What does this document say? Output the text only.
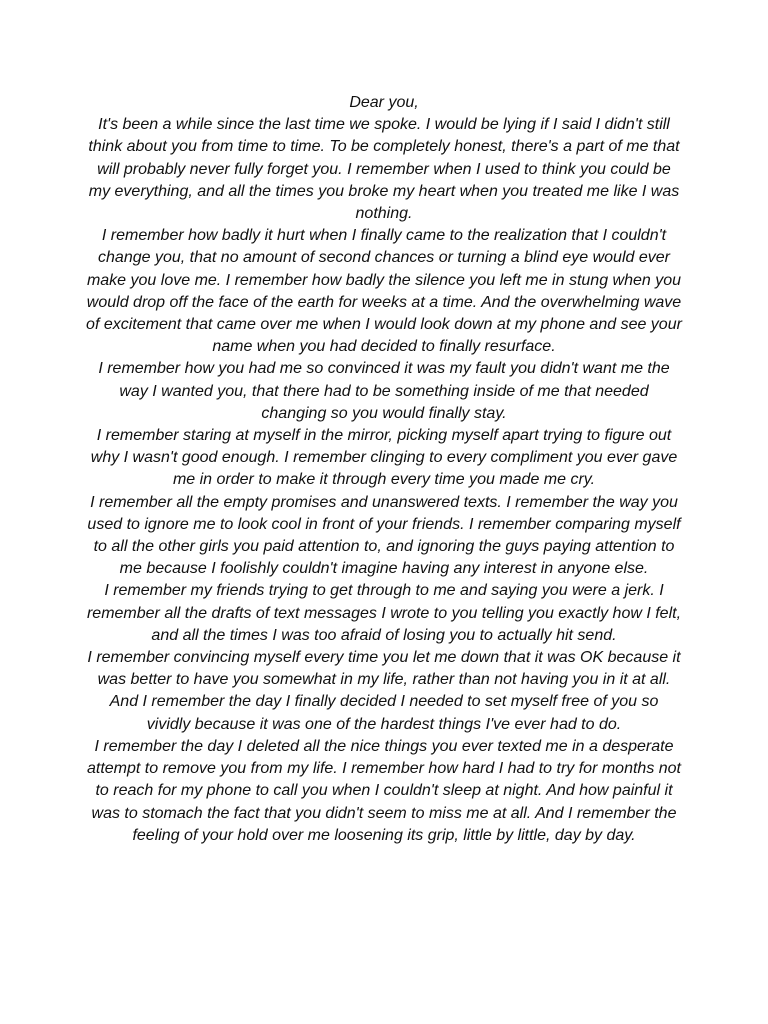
Dear you,

It's been a while since the last time we spoke. I would be lying if I said I didn't still think about you from time to time. To be completely honest, there's a part of me that will probably never fully forget you. I remember when I used to think you could be my everything, and all the times you broke my heart when you treated me like I was nothing.

I remember how badly it hurt when I finally came to the realization that I couldn't change you, that no amount of second chances or turning a blind eye would ever make you love me. I remember how badly the silence you left me in stung when you would drop off the face of the earth for weeks at a time. And the overwhelming wave of excitement that came over me when I would look down at my phone and see your name when you had decided to finally resurface.

I remember how you had me so convinced it was my fault you didn't want me the way I wanted you, that there had to be something inside of me that needed changing so you would finally stay.

I remember staring at myself in the mirror, picking myself apart trying to figure out why I wasn't good enough. I remember clinging to every compliment you ever gave me in order to make it through every time you made me cry.

I remember all the empty promises and unanswered texts. I remember the way you used to ignore me to look cool in front of your friends. I remember comparing myself to all the other girls you paid attention to, and ignoring the guys paying attention to me because I foolishly couldn't imagine having any interest in anyone else.

I remember my friends trying to get through to me and saying you were a jerk. I remember all the drafts of text messages I wrote to you telling you exactly how I felt, and all the times I was too afraid of losing you to actually hit send.

I remember convincing myself every time you let me down that it was OK because it was better to have you somewhat in my life, rather than not having you in it at all. And I remember the day I finally decided I needed to set myself free of you so vividly because it was one of the hardest things I've ever had to do.

I remember the day I deleted all the nice things you ever texted me in a desperate attempt to remove you from my life. I remember how hard I had to try for months not to reach for my phone to call you when I couldn't sleep at night. And how painful it was to stomach the fact that you didn't seem to miss me at all. And I remember the feeling of your hold over me loosening its grip, little by little, day by day.
